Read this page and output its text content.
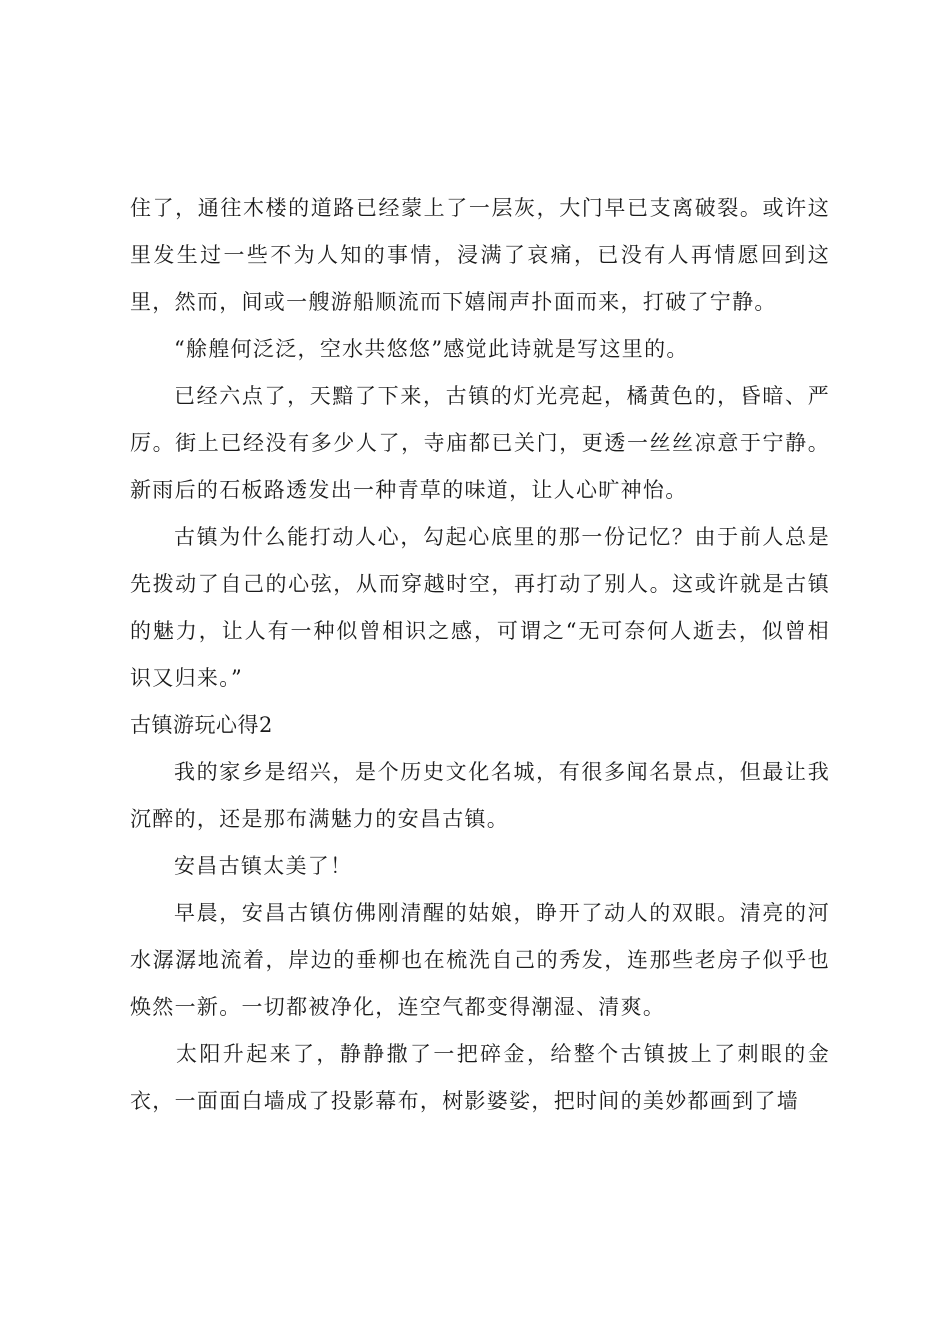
住了，通往木楼的道路已经蒙上了一层灰，大门早已支离破裂。或许这里发生过一些不为人知的事情，浸满了哀痛，已没有人再情愿回到这里，然而，间或一艘游船顺流而下嬉闹声扑面而来，打破了宁静。

“艅艎何泛泛，空水共悠悠”感觉此诗就是写这里的。

已经六点了，天黯了下来，古镇的灯光亮起，橘黄色的，昏暗、严厉。街上已经没有多少人了，寺庙都已关门，更透一丝丝凉意于宁静。新雨后的石板路透发出一种青草的味道，让人心旷神怡。

古镇为什么能打动人心，勾起心底里的那一份记忆？由于前人总是先拨动了自己的心弦，从而穿越时空，再打动了别人。这或许就是古镇的魅力，让人有一种似曾相识之感，可谓之“无可奈何人逝去，似曾相识又归来。”

古镇游玩心得2

我的家乡是绍兴，是个历史文化名城，有很多闻名景点，但最让我沉醉的，还是那布满魅力的安昌古镇。

安昌古镇太美了！

早晨，安昌古镇仿佛刚清醒的姑娘，睁开了动人的双眼。清亮的河水潺潺地流着，岸边的垂柳也在梳洗自己的秀发，连那些老房子似乎也焕然一新。一切都被净化，连空气都变得潮湿、清爽。

太阳升起来了，静静撒了一把碎金，给整个古镇披上了刺眼的金衣，一面面白墙成了投影幕布，树影婆娑，把时间的美妙都画到了墙
